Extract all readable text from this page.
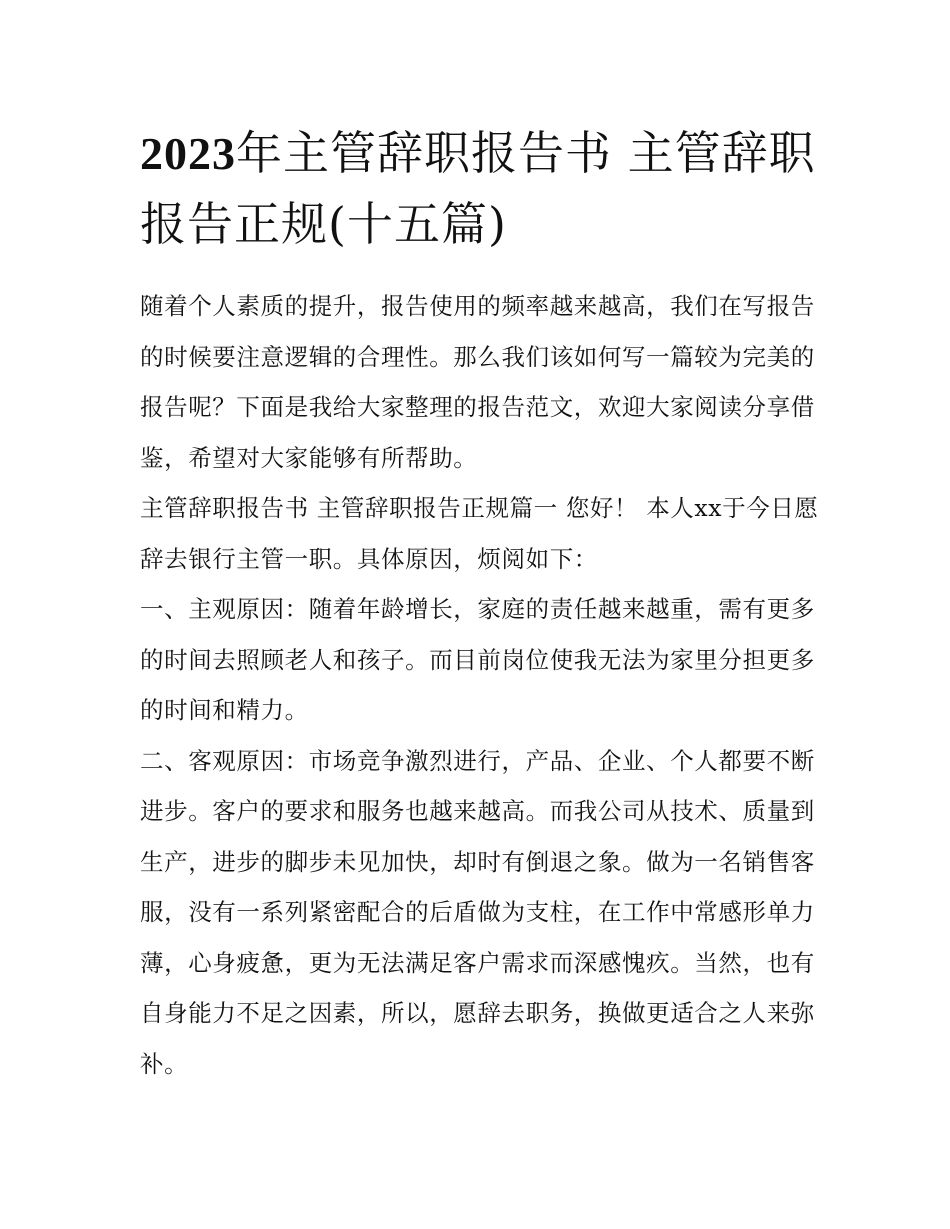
2023年主管辞职报告书 主管辞职报告正规(十五篇)

随着个人素质的提升，报告使用的频率越来越高，我们在写报告的时候要注意逻辑的合理性。那么我们该如何写一篇较为完美的报告呢？下面是我给大家整理的报告范文，欢迎大家阅读分享借鉴，希望对大家能够有所帮助。

主管辞职报告书 主管辞职报告正规篇一 您好！ 本人xx于今日愿辞去银行主管一职。具体原因，烦阅如下：

一、主观原因：随着年龄增长，家庭的责任越来越重，需有更多的时间去照顾老人和孩子。而目前岗位使我无法为家里分担更多的时间和精力。

二、客观原因：市场竞争激烈进行，产品、企业、个人都要不断进步。客户的要求和服务也越来越高。而我公司从技术、质量到生产，进步的脚步未见加快，却时有倒退之象。做为一名销售客服，没有一系列紧密配合的后盾做为支柱，在工作中常感形单力薄，心身疲惫，更为无法满足客户需求而深感愧疚。当然，也有自身能力不足之因素，所以，愿辞去职务，换做更适合之人来弥补。
